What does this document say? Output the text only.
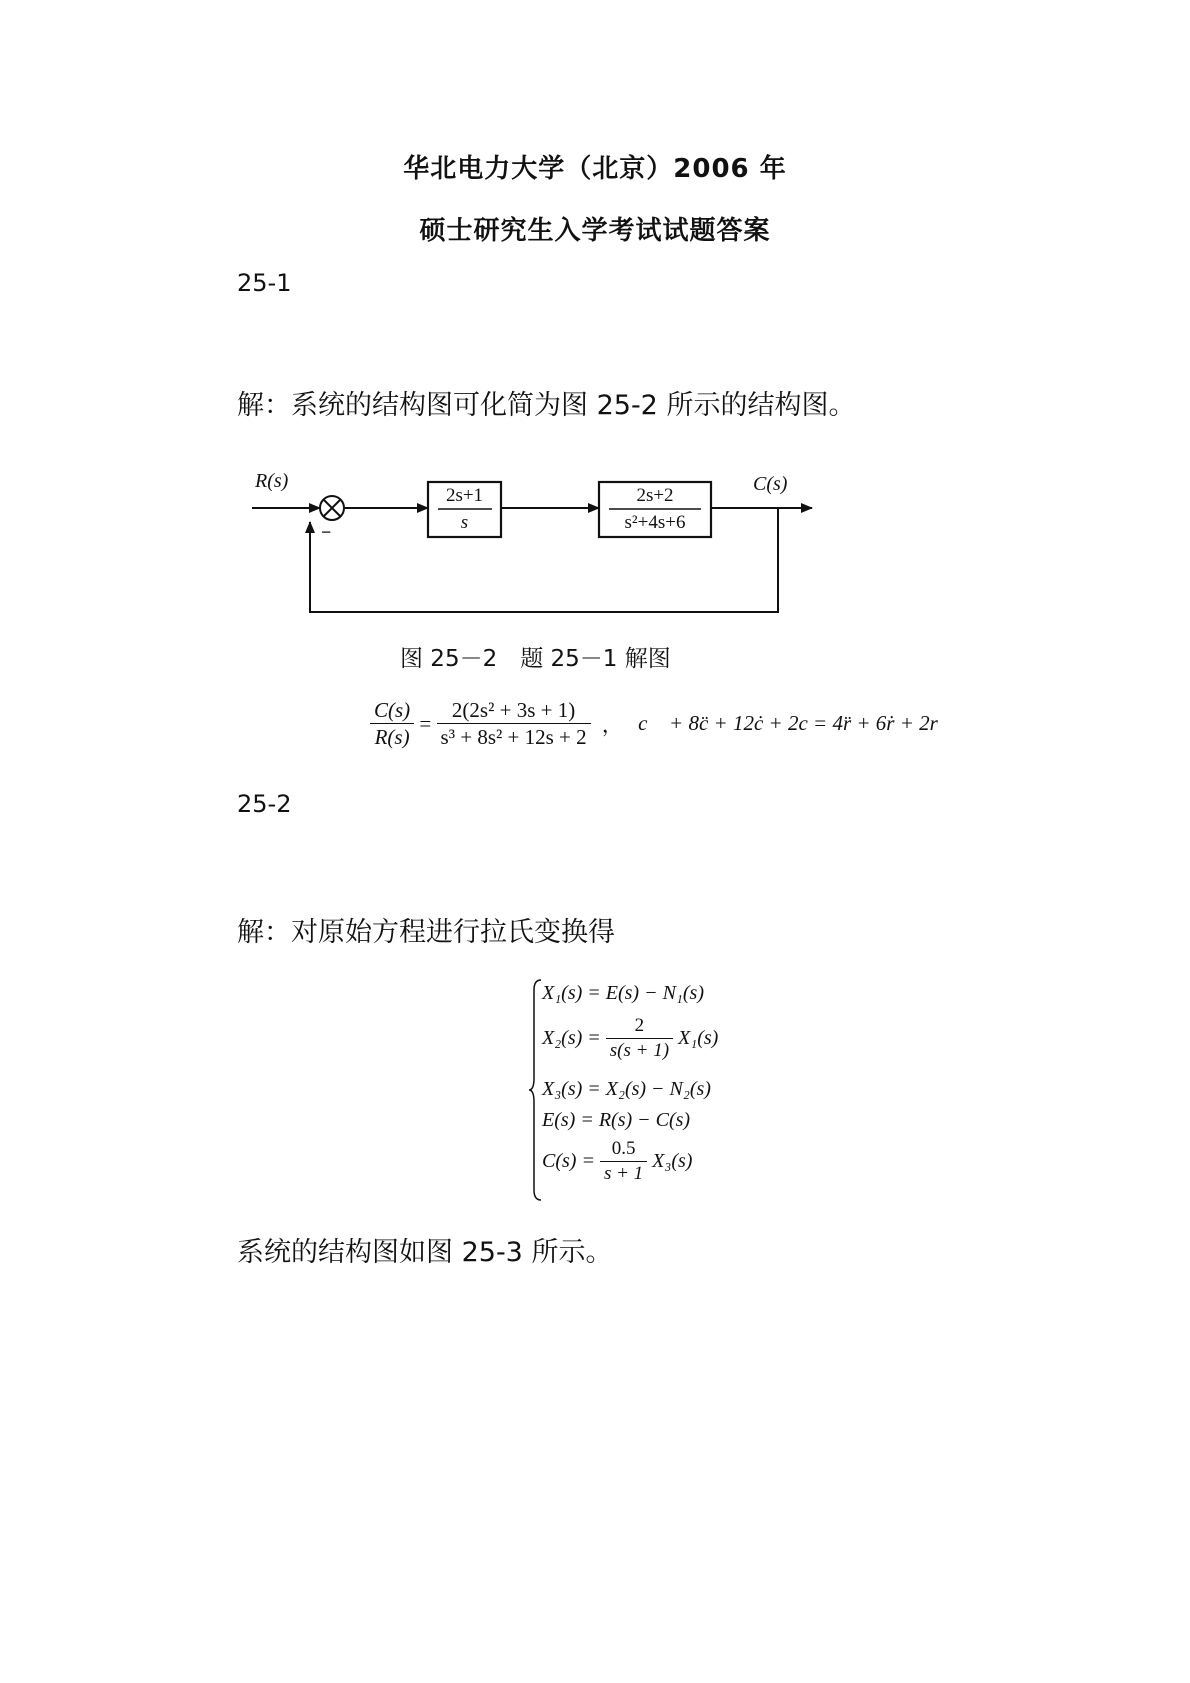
华北电力大学（北京）2006 年
硕士研究生入学考试试题答案
25-1
解：系统的结构图可化简为图 25-2 所示的结构图。
R(s)	C(s)
−
2s+1
s
2s+2
s²+4s+6
图 25－2　题 25－1 解图
$\frac{C(s)}{R(s)} = \frac{\text{2(2s² + 3s + 1)}}{\text{s³ + 8s² + 12s + 2}}$ ， c⃛ + 8c̈ + 12ċ + 2c = 4r̈ + 6ṙ + 2r
25-2
解：对原始方程进行拉氏变换得
X₁(s) = E(s) − N₁(s)
$X_2(s) = \frac{2}{s(s + 1)} X_1(s)$
X₃(s) = X₂(s) − N₂(s)
E(s) = R(s) − C(s)
$C(s) = \frac{0.5}{s + 1} X_3(s)$
系统的结构图如图 25-3 所示。
